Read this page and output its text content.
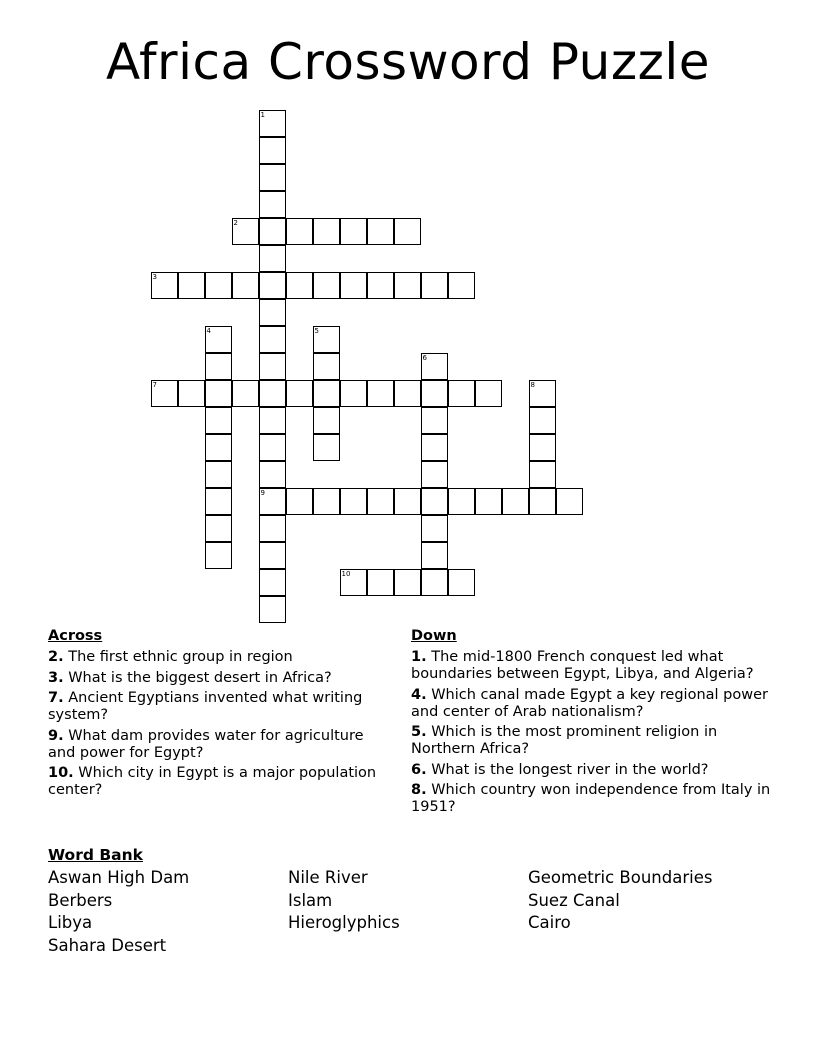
Africa Crossword Puzzle
1
9
2
3
4	5
6
7	8
10
Across
2. The first ethnic group in region
3. What is the biggest desert in Africa?
7. Ancient Egyptians invented what writing system?
9. What dam provides water for agriculture and power for Egypt?
10. Which city in Egypt is a major population center?
Down
1. The mid-1800 French conquest led what boundaries between Egypt, Libya, and Algeria?
4. Which canal made Egypt a key regional power and center of Arab nationalism?
5. Which is the most prominent religion in Northern Africa?
6. What is the longest river in the world?
8. Which country won independence from Italy in 1951?
Word Bank
Aswan High Dam
Berbers
Libya
Sahara Desert
Nile River
Islam
Hieroglyphics
Geometric Boundaries
Suez Canal
Cairo
